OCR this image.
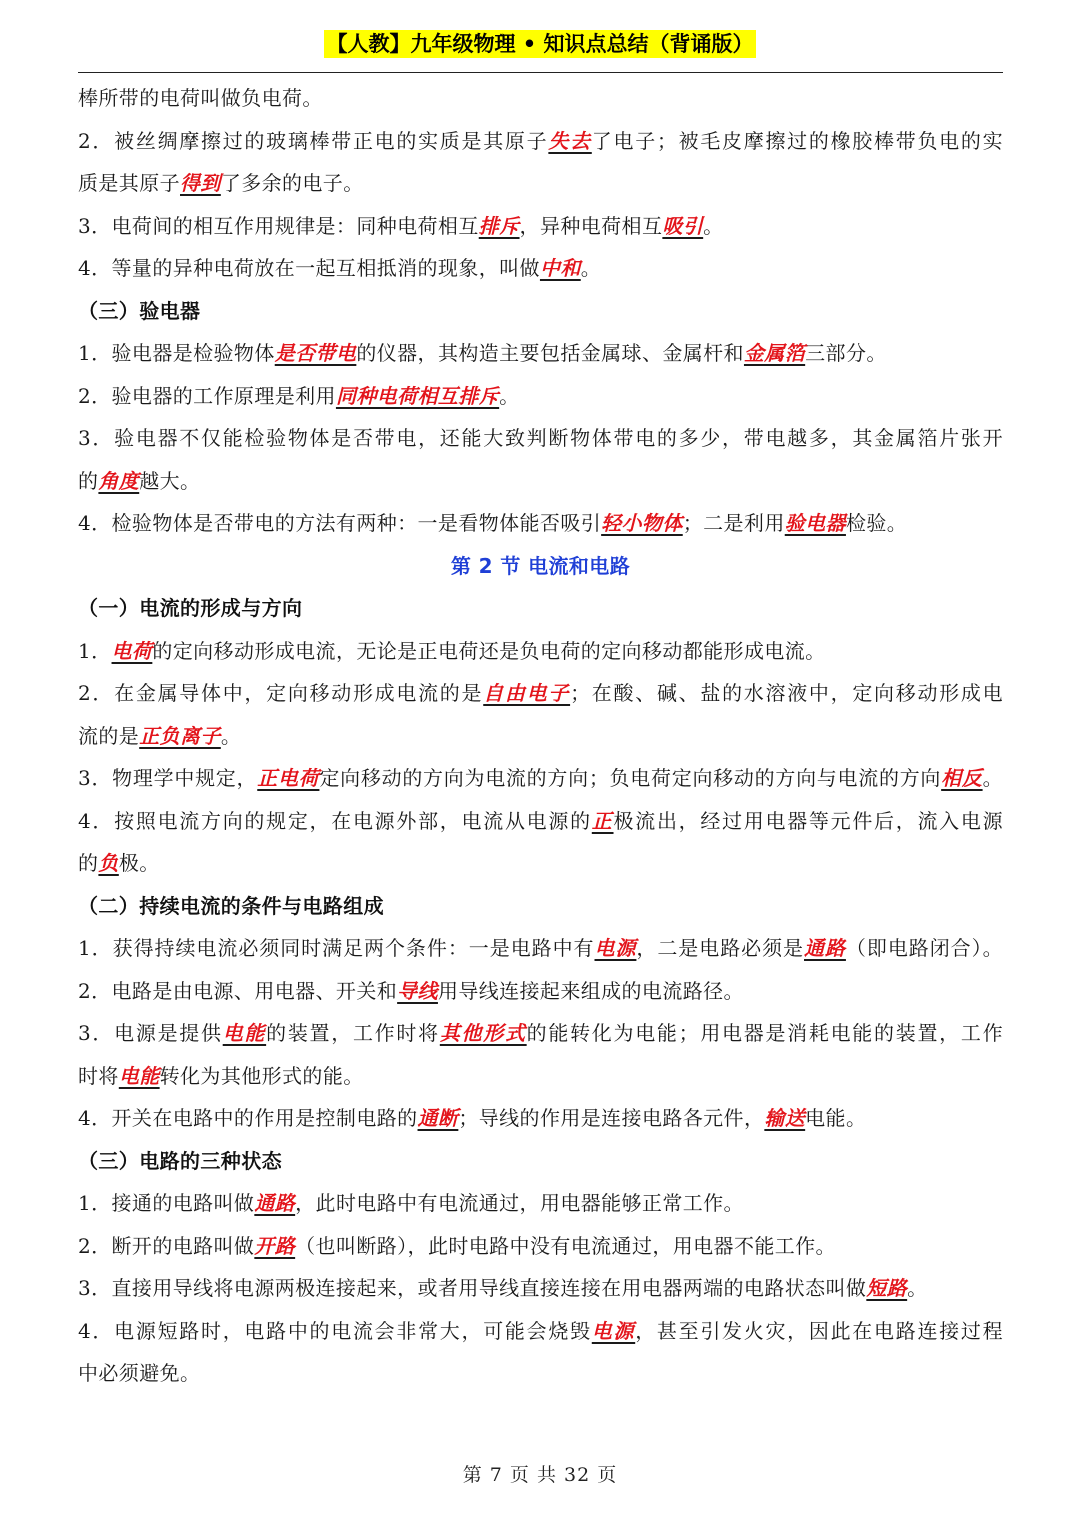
【人教】九年级物理 • 知识点总结（背诵版）
棒所带的电荷叫做负电荷。
2．被丝绸摩擦过的玻璃棒带正电的实质是其原子失去了电子；被毛皮摩擦过的橡胶棒带负电的实
质是其原子得到了多余的电子。
3．电荷间的相互作用规律是：同种电荷相互排斥，异种电荷相互吸引。
4．等量的异种电荷放在一起互相抵消的现象，叫做中和。
（三）验电器
1．验电器是检验物体是否带电的仪器，其构造主要包括金属球、金属杆和金属箔三部分。
2．验电器的工作原理是利用同种电荷相互排斥。
3．验电器不仅能检验物体是否带电，还能大致判断物体带电的多少，带电越多，其金属箔片张开
的角度越大。
4．检验物体是否带电的方法有两种：一是看物体能否吸引轻小物体；二是利用验电器检验。
第 2 节 电流和电路
（一）电流的形成与方向
1．电荷的定向移动形成电流，无论是正电荷还是负电荷的定向移动都能形成电流。
2．在金属导体中，定向移动形成电流的是自由电子；在酸、碱、盐的水溶液中，定向移动形成电
流的是正负离子。
3．物理学中规定，正电荷定向移动的方向为电流的方向；负电荷定向移动的方向与电流的方向相反。
4．按照电流方向的规定，在电源外部，电流从电源的正极流出，经过用电器等元件后，流入电源
的负极。
（二）持续电流的条件与电路组成
1．获得持续电流必须同时满足两个条件：一是电路中有电源，二是电路必须是通路（即电路闭合）。
2．电路是由电源、用电器、开关和导线用导线连接起来组成的电流路径。
3．电源是提供电能的装置，工作时将其他形式的能转化为电能；用电器是消耗电能的装置，工作
时将电能转化为其他形式的能。
4．开关在电路中的作用是控制电路的通断；导线的作用是连接电路各元件，输送电能。
（三）电路的三种状态
1．接通的电路叫做通路，此时电路中有电流通过，用电器能够正常工作。
2．断开的电路叫做开路（也叫断路），此时电路中没有电流通过，用电器不能工作。
3．直接用导线将电源两极连接起来，或者用导线直接连接在用电器两端的电路状态叫做短路。
4．电源短路时，电路中的电流会非常大，可能会烧毁电源，甚至引发火灾，因此在电路连接过程
中必须避免。
第 7 页 共 32 页
